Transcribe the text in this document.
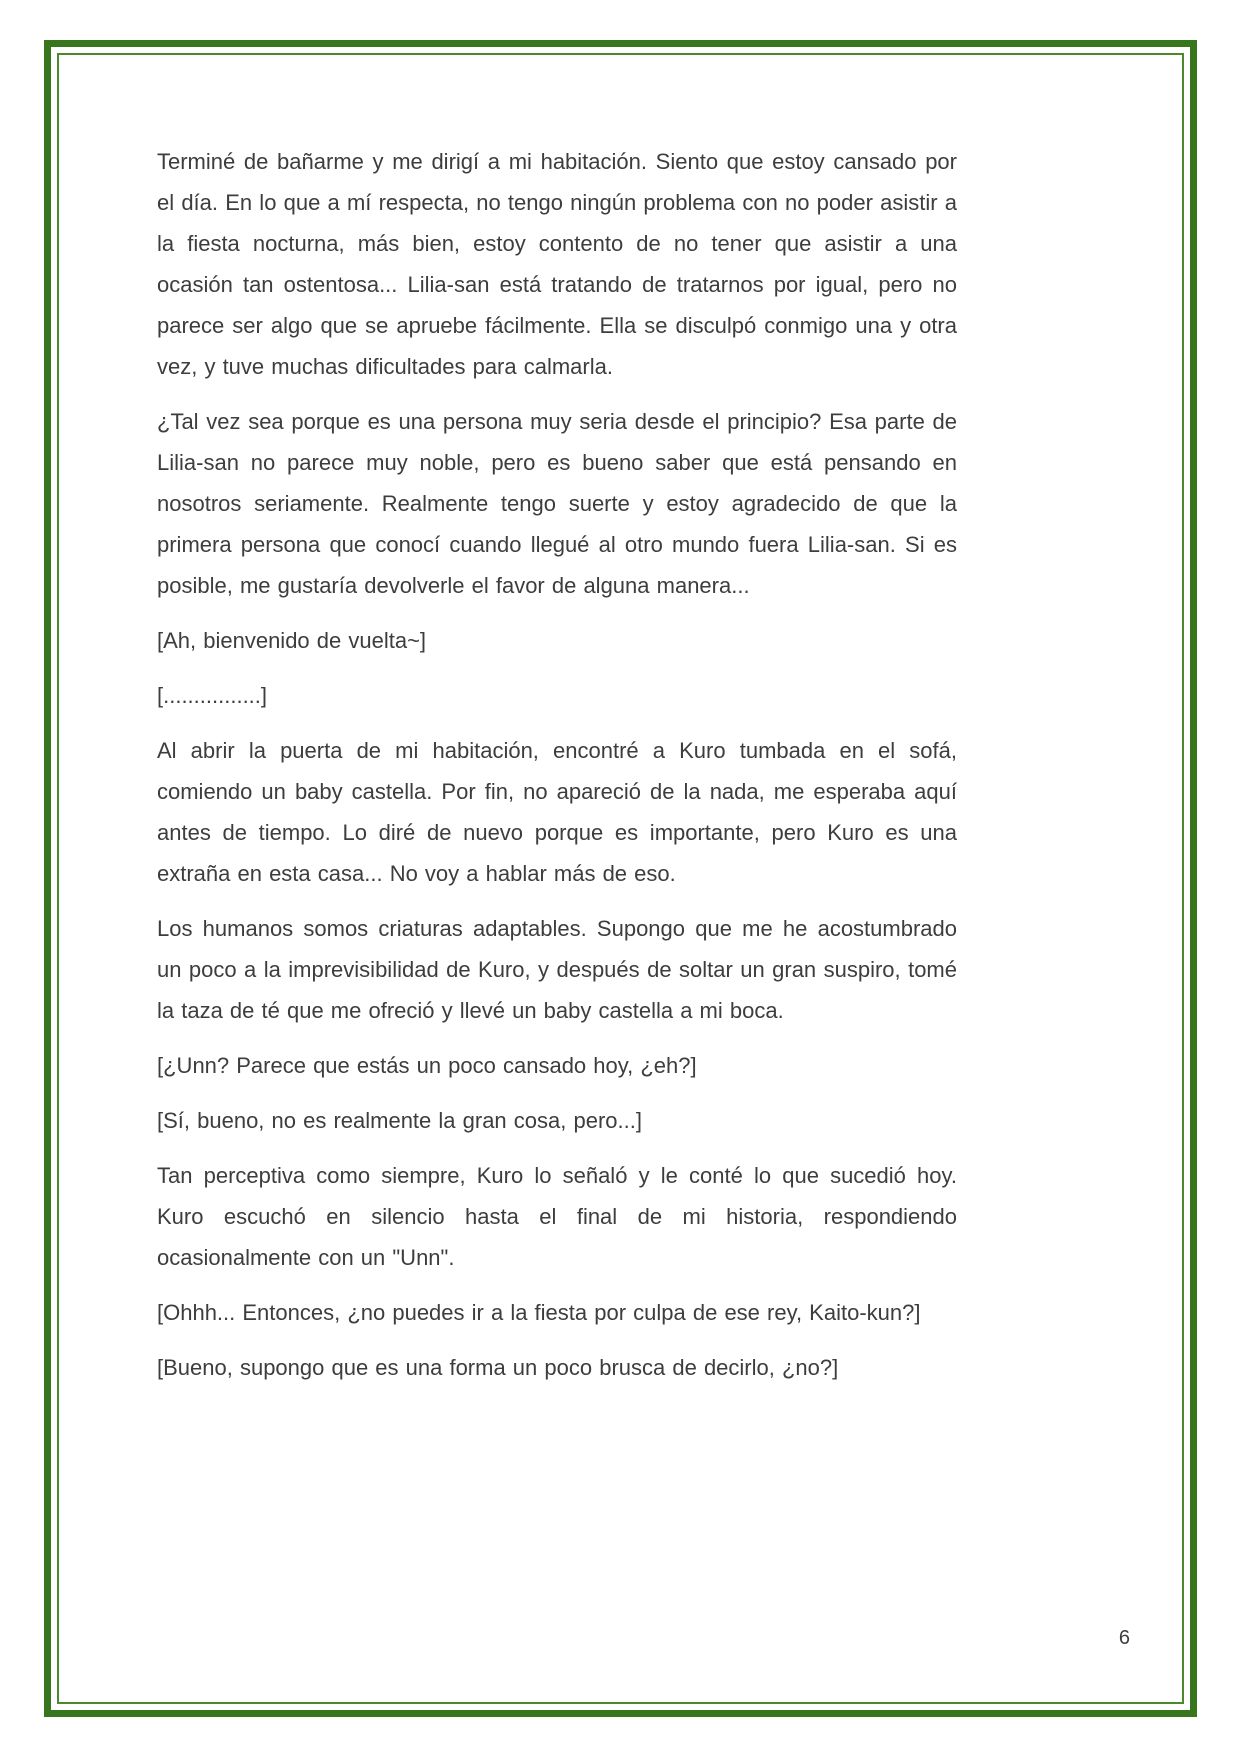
Terminé de bañarme y me dirigí a mi habitación. Siento que estoy cansado por el día. En lo que a mí respecta, no tengo ningún problema con no poder asistir a la fiesta nocturna, más bien, estoy contento de no tener que asistir a una ocasión tan ostentosa... Lilia-san está tratando de tratarnos por igual, pero no parece ser algo que se apruebe fácilmente. Ella se disculpó conmigo una y otra vez, y tuve muchas dificultades para calmarla.

¿Tal vez sea porque es una persona muy seria desde el principio? Esa parte de Lilia-san no parece muy noble, pero es bueno saber que está pensando en nosotros seriamente. Realmente tengo suerte y estoy agradecido de que la primera persona que conocí cuando llegué al otro mundo fuera Lilia-san. Si es posible, me gustaría devolverle el favor de alguna manera...

[Ah, bienvenido de vuelta~]

[................]

Al abrir la puerta de mi habitación, encontré a Kuro tumbada en el sofá, comiendo un baby castella. Por fin, no apareció de la nada, me esperaba aquí antes de tiempo. Lo diré de nuevo porque es importante, pero Kuro es una extraña en esta casa... No voy a hablar más de eso.

Los humanos somos criaturas adaptables. Supongo que me he acostumbrado un poco a la imprevisibilidad de Kuro, y después de soltar un gran suspiro, tomé la taza de té que me ofreció y llevé un baby castella a mi boca.

[¿Unn? Parece que estás un poco cansado hoy, ¿eh?]

[Sí, bueno, no es realmente la gran cosa, pero...]

Tan perceptiva como siempre, Kuro lo señaló y le conté lo que sucedió hoy. Kuro escuchó en silencio hasta el final de mi historia, respondiendo ocasionalmente con un "Unn".

[Ohhh... Entonces, ¿no puedes ir a la fiesta por culpa de ese rey, Kaito-kun?]

[Bueno, supongo que es una forma un poco brusca de decirlo, ¿no?]

6
